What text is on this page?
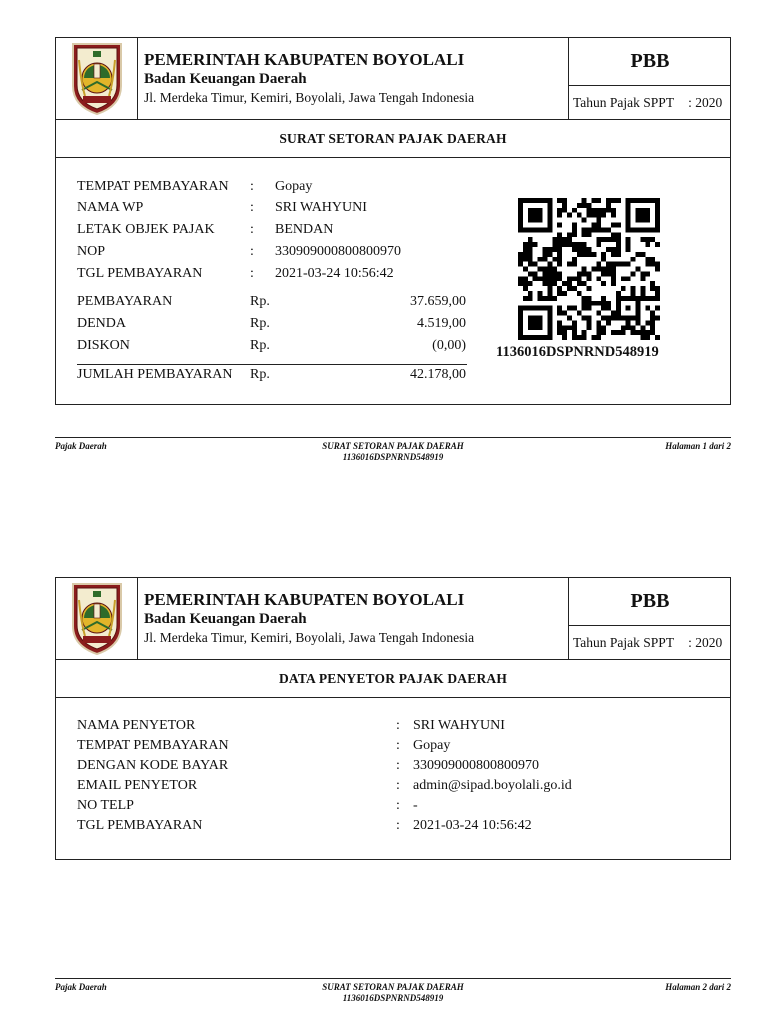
PEMERINTAH KABUPATEN BOYOLALI
Badan Keuangan Daerah
Jl. Merdeka Timur, Kemiri, Boyolali, Jawa Tengah Indonesia
PBB
Tahun Pajak SPPT : 2020
SURAT SETORAN PAJAK DAERAH
TEMPAT PEMBAYARAN : Gopay
NAMA WP	: SRI WAHYUNI
LETAK OBJEK PAJAK	: BENDAN
NOP	: 330909000800800970
TGL PEMBAYARAN	: 2021-03-24 10:56:42
PEMBAYARAN	Rp.	37.659,00
DENDA	Rp.	4.519,00
DISKON	Rp.	(0,00)
JUMLAH PEMBAYARAN Rp.	42.178,00
1136016DSPNRND548919
Pajak Daerah	SURAT SETORAN PAJAK DAERAH
1136016DSPNRND548919
Halaman 1 dari 2
PEMERINTAH KABUPATEN BOYOLALI
Badan Keuangan Daerah
Jl. Merdeka Timur, Kemiri, Boyolali, Jawa Tengah Indonesia
PBB
Tahun Pajak SPPT : 2020
DATA PENYETOR PAJAK DAERAH
NAMA PENYETOR	: SRI WAHYUNI
TEMPAT PEMBAYARAN	: Gopay
DENGAN KODE BAYAR	: 330909000800800970
EMAIL PENYETOR	: admin@sipad.boyolali.go.id
NO TELP	: -
TGL PEMBAYARAN	: 2021-03-24 10:56:42
Pajak Daerah	SURAT SETORAN PAJAK DAERAH
1136016DSPNRND548919
Halaman 2 dari 2
